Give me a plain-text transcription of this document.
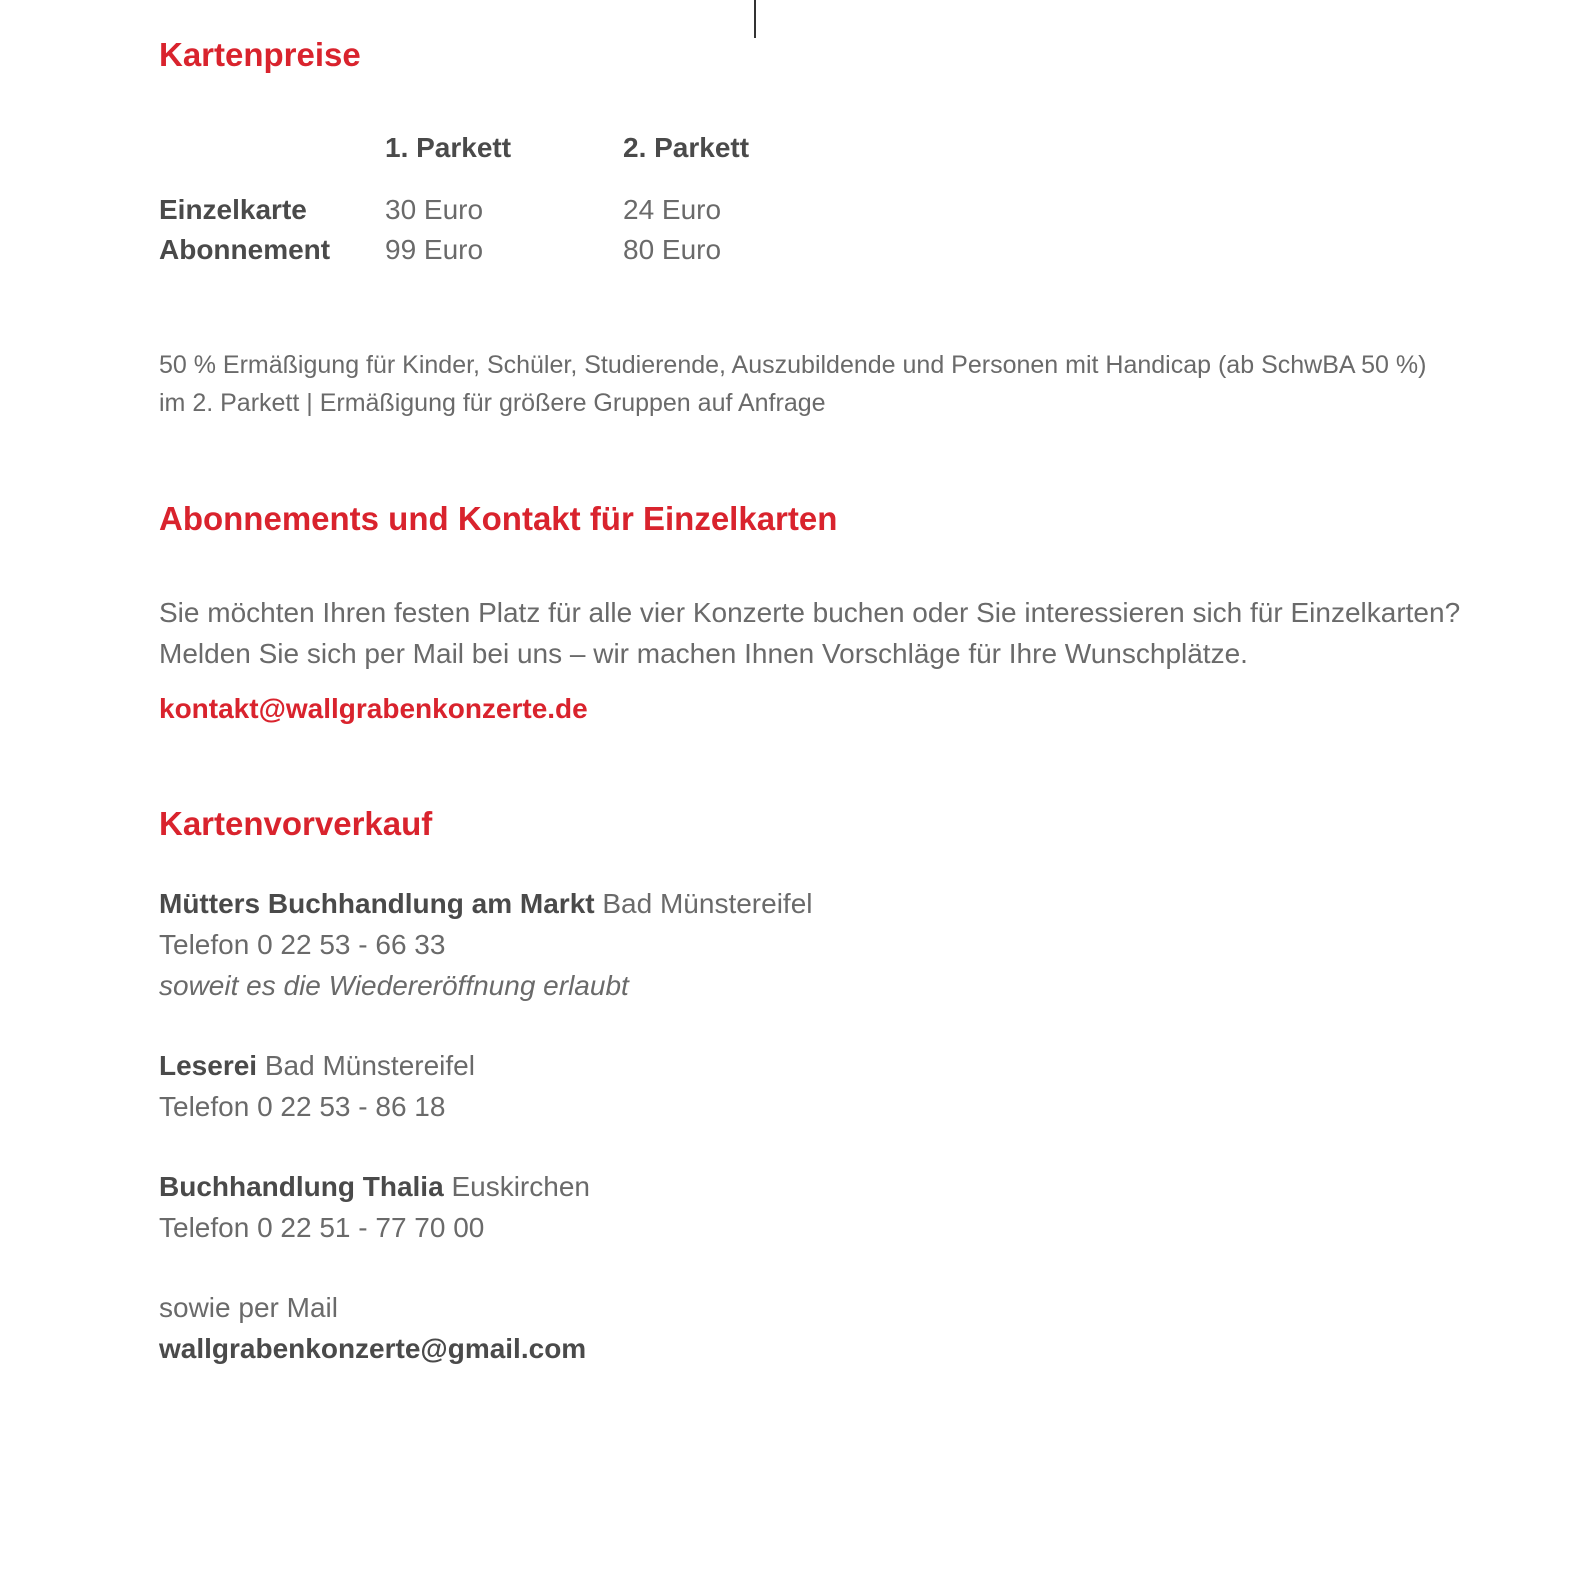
Kartenpreise
	1. Parkett	2. Parkett
Einzelkarte	30 Euro	24 Euro
Abonnement	99 Euro	80 Euro

50 % Ermäßigung für Kinder, Schüler, Studierende, Auszubildende und Personen mit Handicap (ab SchwBA 50 %)
im 2. Parkett | Ermäßigung für größere Gruppen auf Anfrage

Abonnements und Kontakt für Einzelkarten

Sie möchten Ihren festen Platz für alle vier Konzerte buchen oder Sie interessieren sich für Einzelkarten?
Melden Sie sich per Mail bei uns – wir machen Ihnen Vorschläge für Ihre Wunschplätze.

kontakt@wallgrabenkonzerte.de
Kartenvorverkauf
Mütters Buchhandlung am Markt Bad Münstereifel
Telefon 0 22 53 - 66 33
soweit es die Wiedereröffnung erlaubt
Leserei Bad Münstereifel
Telefon 0 22 53 - 86 18
Buchhandlung Thalia Euskirchen
Telefon 0 22 51 - 77 70 00
sowie per Mail
wallgrabenkonzerte@gmail.com
